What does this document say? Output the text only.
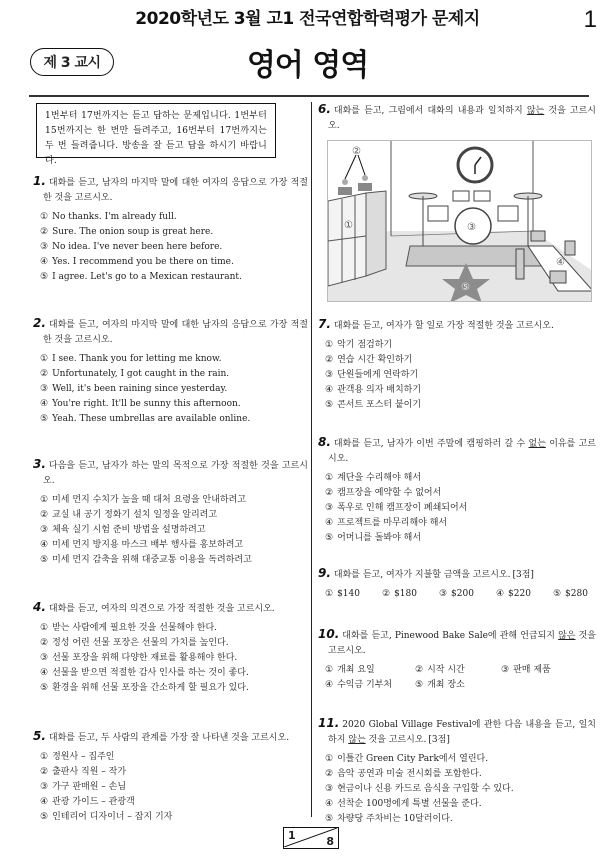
2020학년도 3월 고1 전국연합학력평가 문제지	1
제 3 교시	영어 영역
1번부터 17번까지는 듣고 답하는 문제입니다. 1번부터 15번까지는 한 번만 들려주고, 16번부터 17번까지는 두 번 들려줍니다. 방송을 잘 듣고 답을 하시기 바랍니다.
1. 대화를 듣고, 남자의 마지막 말에 대한 여자의 응답으로 가장 적절한 것을 고르시오.
① No thanks. I'm already full.
② Sure. The onion soup is great here.
③ No idea. I've never been here before.
④ Yes. I recommend you be there on time.
⑤ I agree. Let's go to a Mexican restaurant.
2. 대화를 듣고, 여자의 마지막 말에 대한 남자의 응답으로 가장 적절한 것을 고르시오.
① I see. Thank you for letting me know.
② Unfortunately, I got caught in the rain.
③ Well, it's been raining since yesterday.
④ You're right. It'll be sunny this afternoon.
⑤ Yeah. These umbrellas are available online.
3. 다음을 듣고, 남자가 하는 말의 목적으로 가장 적절한 것을 고르시오.
① 미세 먼지 수치가 높을 때 대처 요령을 안내하려고
② 교실 내 공기 정화기 설치 일정을 알리려고
③ 체육 실기 시험 준비 방법을 설명하려고
④ 미세 먼지 방지용 마스크 배부 행사를 홍보하려고
⑤ 미세 먼지 감축을 위해 대중교통 이용을 독려하려고
4. 대화를 듣고, 여자의 의견으로 가장 적절한 것을 고르시오.
① 받는 사람에게 필요한 것을 선물해야 한다.
② 정성 어린 선물 포장은 선물의 가치를 높인다.
③ 선물 포장을 위해 다양한 재료를 활용해야 한다.
④ 선물을 받으면 적절한 감사 인사를 하는 것이 좋다.
⑤ 환경을 위해 선물 포장을 간소하게 할 필요가 있다.
5. 대화를 듣고, 두 사람의 관계를 가장 잘 나타낸 것을 고르시오.
① 정원사 – 집주인
② 출판사 직원 – 작가
③ 가구 판매원 – 손님
④ 관광 가이드 – 관광객
⑤ 인테리어 디자이너 – 잡지 기자
6. 대화를 듣고, 그림에서 대화의 내용과 일치하지 않는 것을 고르시오.
①
②
③
④
⑤
7. 대화를 듣고, 여자가 할 일로 가장 적절한 것을 고르시오.
① 악기 점검하기
② 연습 시간 확인하기
③ 단원들에게 연락하기
④ 관객용 의자 배치하기
⑤ 콘서트 포스터 붙이기
8. 대화를 듣고, 남자가 이번 주말에 캠핑하러 갈 수 없는 이유를 고르시오.
① 계단을 수리해야 해서
② 캠프장을 예약할 수 없어서
③ 폭우로 인해 캠프장이 폐쇄되어서
④ 프로젝트를 마무리해야 해서
⑤ 어머니를 돌봐야 해서
9. 대화를 듣고, 여자가 지불할 금액을 고르시오. [3점]
① $140 ② $180 ③ $200 ④ $220 ⑤ $280
10. 대화를 듣고, Pinewood Bake Sale에 관해 언급되지 않은 것을 고르시오.
① 개최 요일	② 시작 시간	③ 판매 제품
④ 수익금 기부처	⑤ 개최 장소
11. 2020 Global Village Festival에 관한 다음 내용을 듣고, 일치하지 않는 것을 고르시오. [3점]
① 이틀간 Green City Park에서 열린다.
② 음악 공연과 미술 전시회를 포함한다.
③ 현금이나 신용 카드로 음식을 구입할 수 있다.
④ 선착순 100명에게 특별 선물을 준다.
⑤ 차량당 주차비는 10달러이다.
1	8
